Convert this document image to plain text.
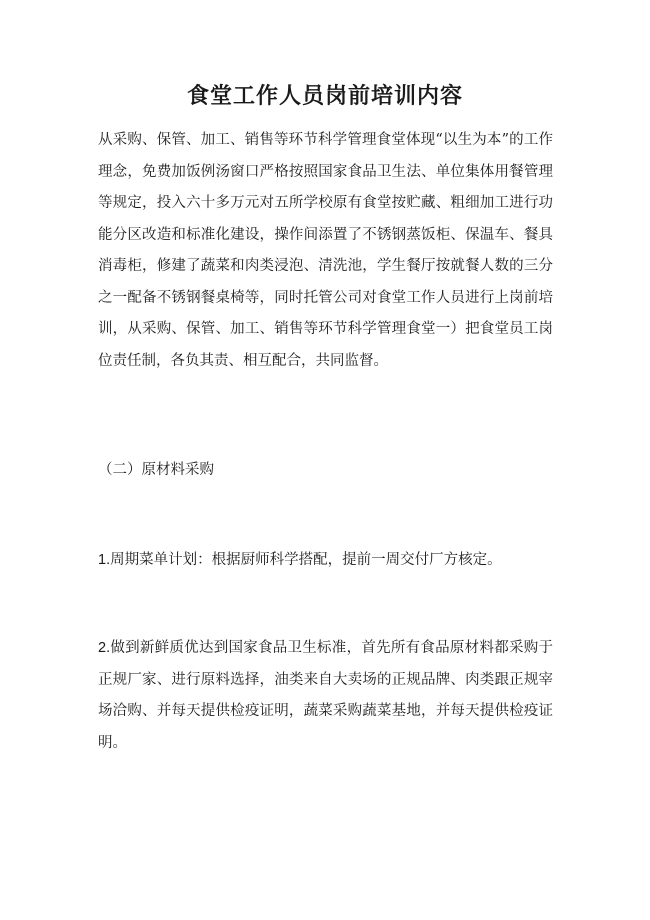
食堂工作人员岗前培训内容

从采购、保管、加工、销售等环节科学管理食堂体现“以生为本”的工作理念，免费加饭例汤窗口严格按照国家食品卫生法、单位集体用餐管理等规定，投入六十多万元对五所学校原有食堂按贮藏、粗细加工进行功能分区改造和标准化建设，操作间添置了不锈钢蒸饭柜、保温车、餐具消毒柜，修建了蔬菜和肉类浸泡、清洗池，学生餐厅按就餐人数的三分之一配备不锈钢餐桌椅等，同时托管公司对食堂工作人员进行上岗前培训，从采购、保管、加工、销售等环节科学管理食堂一）把食堂员工岗位责任制，各负其责、相互配合，共同监督。

（二）原材料采购

1.周期菜单计划：根据厨师科学搭配，提前一周交付厂方核定。

2.做到新鲜质优达到国家食品卫生标准，首先所有食品原材料都采购于正规厂家、进行原料选择，油类来自大卖场的正规品牌、肉类跟正规宰场洽购、并每天提供检疫证明，蔬菜采购蔬菜基地，并每天提供检疫证明。
